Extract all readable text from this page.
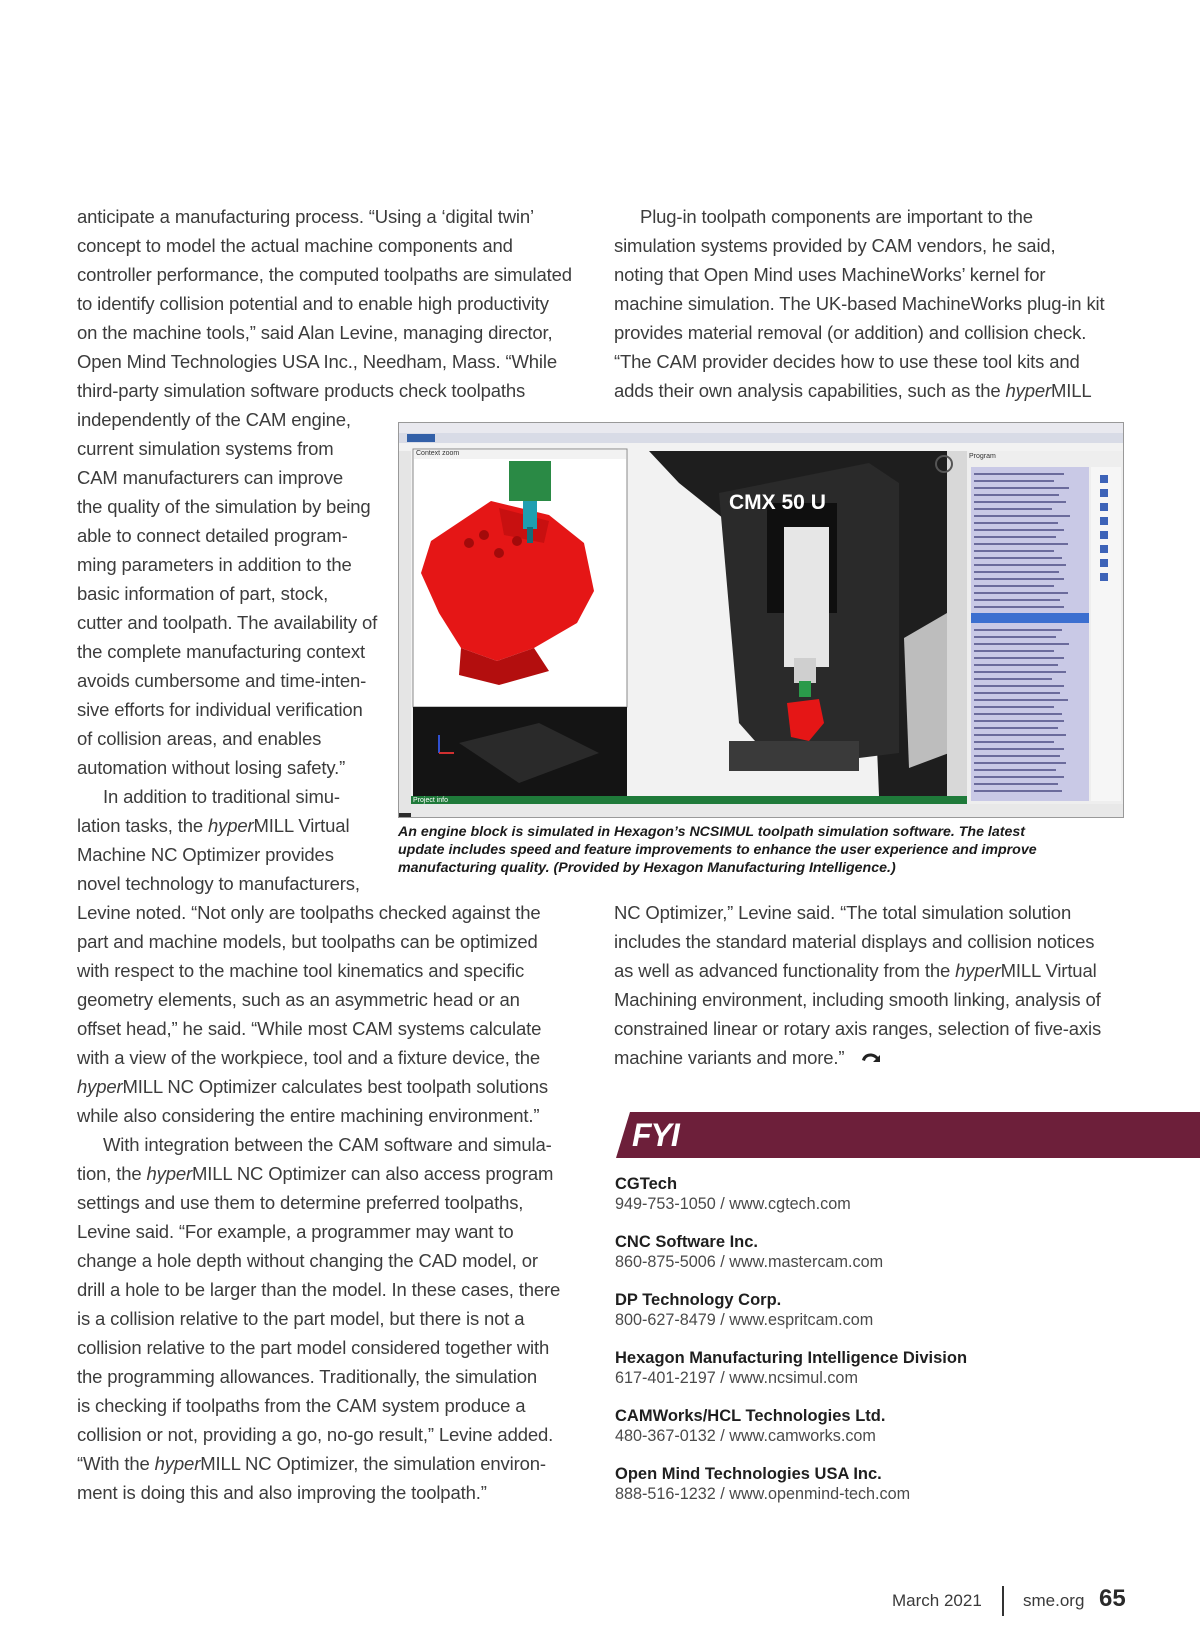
anticipate a manufacturing process. “Using a ‘digital twin’
concept to model the actual machine components and
controller performance, the computed toolpaths are simulated
to identify collision potential and to enable high productivity
on the machine tools,” said Alan Levine, managing director,
Open Mind Technologies USA Inc., Needham, Mass. “While
third-party simulation software products check toolpaths
independently of the CAM engine,
current simulation systems from
CAM manufacturers can improve
the quality of the simulation by being
able to connect detailed program-
ming parameters in addition to the
basic information of part, stock,
cutter and toolpath. The availability of
the complete manufacturing context
avoids cumbersome and time-inten-
sive efforts for individual verification
of collision areas, and enables
automation without losing safety.”
In addition to traditional simu-
lation tasks, the hyperMILL Virtual
Machine NC Optimizer provides
novel technology to manufacturers,
Levine noted. “Not only are toolpaths checked against the
part and machine models, but toolpaths can be optimized
with respect to the machine tool kinematics and specific
geometry elements, such as an asymmetric head or an
offset head,” he said. “While most CAM systems calculate
with a view of the workpiece, tool and a fixture device, the
hyperMILL NC Optimizer calculates best toolpath solutions
while also considering the entire machining environment.”
With integration between the CAM software and simula-
tion, the hyperMILL NC Optimizer can also access program
settings and use them to determine preferred toolpaths,
Levine said. “For example, a programmer may want to
change a hole depth without changing the CAD model, or
drill a hole to be larger than the model. In these cases, there
is a collision relative to the part model, but there is not a
collision relative to the part model considered together with
the programming allowances. Traditionally, the simulation
is checking if toolpaths from the CAM system produce a
collision or not, providing a go, no-go result,” Levine added.
“With the hyperMILL NC Optimizer, the simulation environ-
ment is doing this and also improving the toolpath.”
Plug-in toolpath components are important to the
simulation systems provided by CAM vendors, he said,
noting that Open Mind uses MachineWorks’ kernel for
machine simulation. The UK-based MachineWorks plug-in kit
provides material removal (or addition) and collision check.
“The CAM provider decides how to use these tool kits and
adds their own analysis capabilities, such as the hyperMILL
NC Optimizer,” Levine said. “The total simulation solution
includes the standard material displays and collision notices
as well as advanced functionality from the hyperMILL Virtual
Machining environment, including smooth linking, analysis of
constrained linear or rotary axis ranges, selection of five-axis
machine variants and more.”
CMX 50 U
Context zoom	Program
Project info
An engine block is simulated in Hexagon’s NCSIMUL toolpath simulation software. The latest
update includes speed and feature improvements to enhance the user experience and improve
manufacturing quality. (Provided by Hexagon Manufacturing Intelligence.)
FYI
CGTech
949-753-1050 / www.cgtech.com
CNC Software Inc.
860-875-5006 / www.mastercam.com
DP Technology Corp.
800-627-8479 / www.espritcam.com
Hexagon Manufacturing Intelligence Division
617-401-2197 / www.ncsimul.com
CAMWorks/HCL Technologies Ltd.
480-367-0132 / www.camworks.com
Open Mind Technologies USA Inc.
888-516-1232 / www.openmind-tech.com
March 2021 sme.org 65
